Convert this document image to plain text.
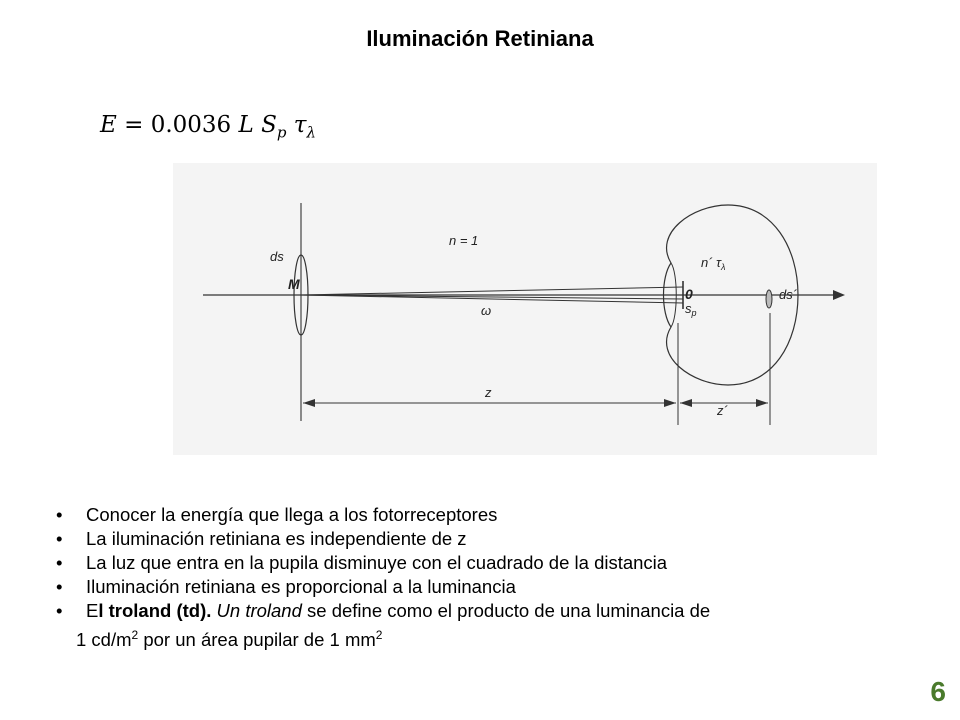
Iluminación Retiniana
E = 0.0036 L $S_p$ $\tau_\lambda$
ds
M
n = 1
n´ $\tau_\lambda$
0
$s_p$
ds´
ω
z
z´
• Conocer la energía que llega a los fotorreceptores
• La iluminación retiniana es independiente de z
• La luz que entra en la pupila disminuye con el cuadrado de la distancia
• Iluminación retiniana es proporcional a la luminancia
• El troland (td). Un troland se define como el producto de una luminancia de
1 $cd/m^2$ por un área pupilar de 1 $mm^2$
6
